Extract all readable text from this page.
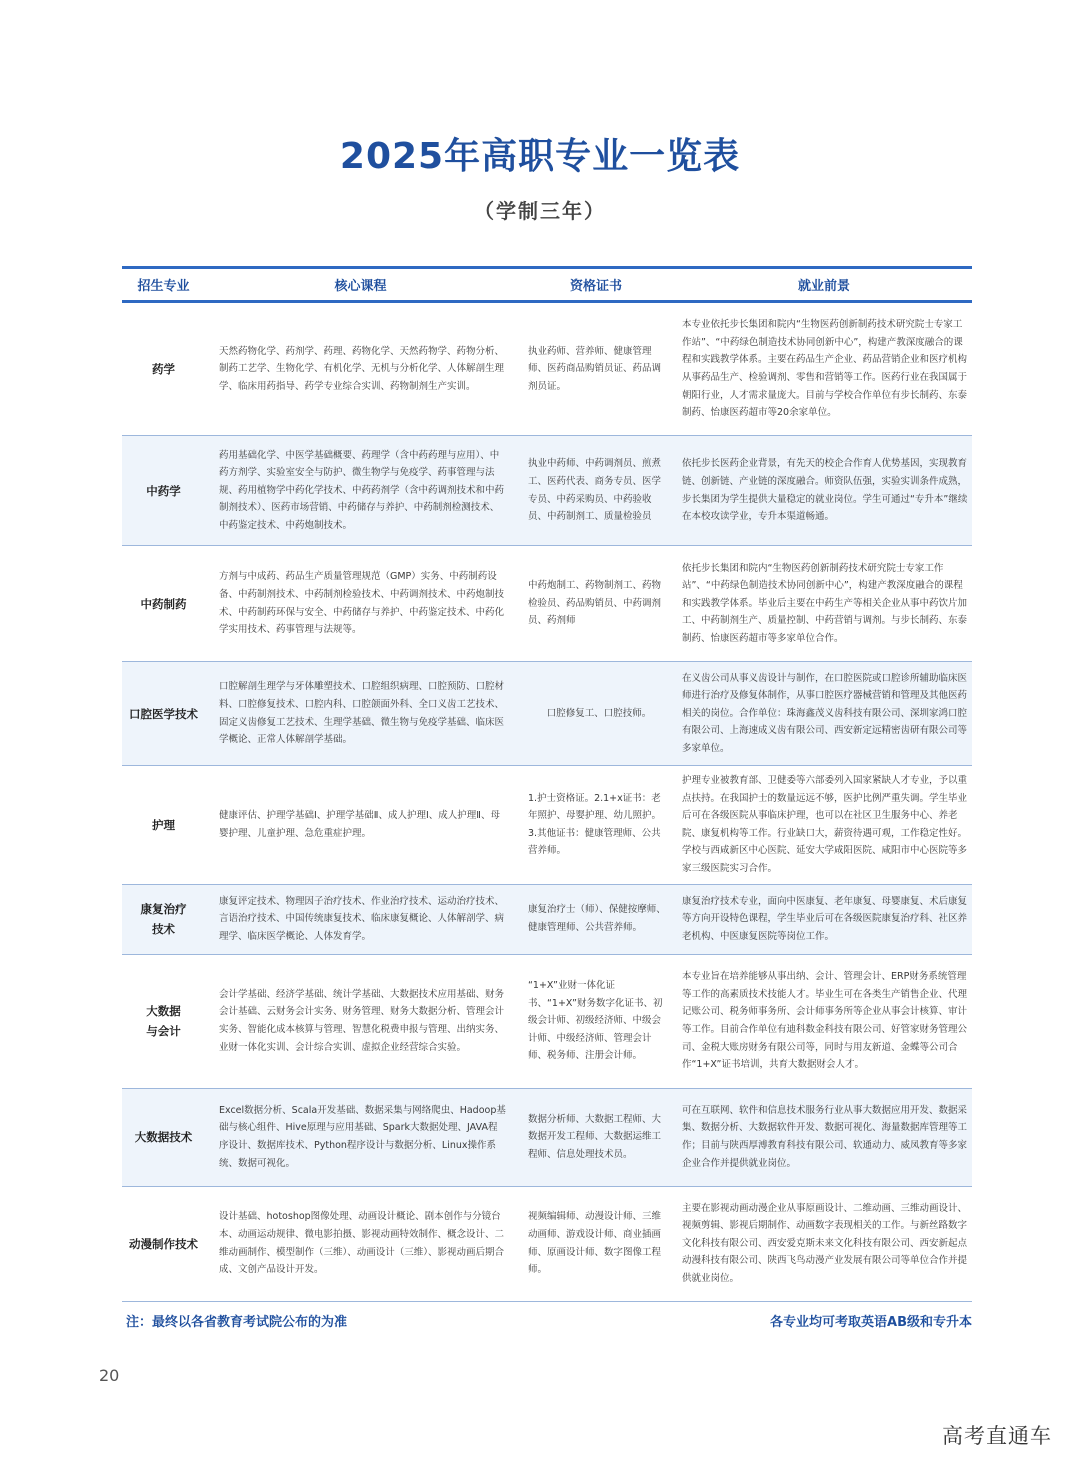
2025年高职专业一览表
（学制三年）
招生专业	核心课程	资格证书	就业前景
药学	天然药物化学、药剂学、药理、药物化学、天然药物学、药物分析、制药工艺学、生物化学、有机化学、无机与分析化学、人体解剖生理学、临床用药指导、药学专业综合实训、药物制剂生产实训。	执业药师、营养师、健康管理师、医药商品购销员证、药品调剂员证。	本专业依托步长集团和院内“生物医药创新制药技术研究院士专家工作站”、“中药绿色制造技术协同创新中心”，构建产教深度融合的课程和实践教学体系。主要在药品生产企业、药品营销企业和医疗机构从事药品生产、检验调剂、零售和营销等工作。医药行业在我国属于朝阳行业，人才需求量庞大。目前与学校合作单位有步长制药、东泰制药、怡康医药超市等20余家单位。
中药学	药用基础化学、中医学基础概要、药理学（含中药药理与应用）、中药方剂学、实验室安全与防护、微生物学与免疫学、药事管理与法规、药用植物学中药化学技术、中药药剂学（含中药调剂技术和中药制剂技术）、医药市场营销、中药储存与养护、中药制剂检测技术、中药鉴定技术、中药炮制技术。	执业中药师、中药调剂员、煎煮工、医药代表、商务专员、医学专员、中药采购员、中药验收员、中药制剂工、质量检验员	依托步长医药企业背景，有先天的校企合作育人优势基因，实现教育链、创新链、产业链的深度融合。师资队伍强，实验实训条件成熟，步长集团为学生提供大量稳定的就业岗位。学生可通过“专升本”继续在本校攻读学业，专升本渠道畅通。
中药制药	方剂与中成药、药品生产质量管理规范（GMP）实务、中药制药设备、中药制剂技术、中药制剂检验技术、中药调剂技术、中药炮制技术、中药制药环保与安全、中药储存与养护、中药鉴定技术、中药化学实用技术、药事管理与法规等。	中药炮制工、药物制剂工、药物检验员、药品购销员、中药调剂员、药剂师	依托步长集团和院内“生物医药创新制药技术研究院士专家工作站”、“中药绿色制造技术协同创新中心”，构建产教深度融合的课程和实践教学体系。毕业后主要在中药生产等相关企业从事中药饮片加工、中药制剂生产、质量控制、中药营销与调剂。与步长制药、东泰制药、怡康医药超市等多家单位合作。
口腔医学技术	口腔解剖生理学与牙体雕塑技术、口腔组织病理、口腔预防、口腔材料、口腔修复技术、口腔内科、口腔颌面外科、全口义齿工艺技术、固定义齿修复工艺技术、生理学基础、微生物与免疫学基础、临床医学概论、正常人体解剖学基础。	口腔修复工、口腔技师。	在义齿公司从事义齿设计与制作，在口腔医院或口腔诊所辅助临床医师进行治疗及修复体制作，从事口腔医疗器械营销和管理及其他医药相关的岗位。合作单位：珠海鑫茂义齿科技有限公司、深圳家鸿口腔有限公司、上海速成义齿有限公司、西安新定远精密齿研有限公司等多家单位。
护理	健康评估、护理学基础Ⅰ、护理学基础Ⅱ、成人护理Ⅰ、成人护理Ⅱ、母婴护理、儿童护理、急危重症护理。	1.护士资格证。2.1+x证书：老年照护、母婴护理、幼儿照护。3.其他证书：健康管理师、公共营养师。	护理专业被教育部、卫健委等六部委列入国家紧缺人才专业，予以重点扶持。在我国护士的数量远远不够，医护比例严重失调。学生毕业后可在各级医院从事临床护理，也可以在社区卫生服务中心、养老院、康复机构等工作。行业缺口大，薪资待遇可观，工作稳定性好。学校与西咸新区中心医院、延安大学咸阳医院、咸阳市中心医院等多家三级医院实习合作。
康复治疗
技术	康复评定技术、物理因子治疗技术、作业治疗技术、运动治疗技术、言语治疗技术、中国传统康复技术、临床康复概论、人体解剖学、病理学、临床医学概论、人体发育学。	康复治疗士（师）、保健按摩师、健康管理师、公共营养师。	康复治疗技术专业，面向中医康复、老年康复、母婴康复、术后康复等方向开设特色课程，学生毕业后可在各级医院康复治疗科、社区养老机构、中医康复医院等岗位工作。
大数据
与会计	会计学基础、经济学基础、统计学基础、大数据技术应用基础、财务会计基础、云财务会计实务、财务管理、财务大数据分析、管理会计实务、智能化成本核算与管理、智慧化税费申报与管理、出纳实务、业财一体化实训、会计综合实训、虚拟企业经营综合实验。	“1+X”业财一体化证书、“1+X”财务数字化证书、初级会计师、初级经济师、中级会计师、中级经济师、管理会计师、税务师、注册会计师。	本专业旨在培养能够从事出纳、会计、管理会计、ERP财务系统管理等工作的高素质技术技能人才。毕业生可在各类生产销售企业、代理记账公司、税务师事务所、会计师事务所等企业从事会计核算、审计等工作。目前合作单位有迪科数金科技有限公司、好管家财务管理公司、金税大账房财务有限公司等，同时与用友新道、金蝶等公司合作“1+X”证书培训，共育大数据财会人才。
大数据技术	Excel数据分析、Scala开发基础、数据采集与网络爬虫、Hadoop基础与核心组件、Hive原理与应用基础、Spark大数据处理、JAVA程序设计、数据库技术、Python程序设计与数据分析、Linux操作系统、数据可视化。	数据分析师、大数据工程师、大数据开发工程师、大数据运维工程师、信息处理技术员。	可在互联网、软件和信息技术服务行业从事大数据应用开发、数据采集、数据分析、大数据软件开发、数据可视化、海量数据库管理等工作；目前与陕西厚溥教育科技有限公司、软通动力、威凤教育等多家企业合作并提供就业岗位。
动漫制作技术	设计基础、hotoshop图像处理、动画设计概论、剧本创作与分镜台本、动画运动规律、微电影拍摄、影视动画特效制作、概念设计、二维动画制作、模型制作（三维）、动画设计（三维）、影视动画后期合成、文创产品设计开发。	视频编辑师、动漫设计师、三维动画师、游戏设计师、商业插画师、原画设计师、数字图像工程师。	主要在影视动画动漫企业从事原画设计、二维动画、三维动画设计、视频剪辑、影视后期制作、动画数字表现相关的工作。与新丝路数字文化科技有限公司、西安爱克斯未来文化科技有限公司、西安新起点动漫科技有限公司、陕西飞鸟动漫产业发展有限公司等单位合作并提供就业岗位。
注：最终以各省教育考试院公布的为准	各专业均可考取英语AB级和专升本
20
高考直通车
